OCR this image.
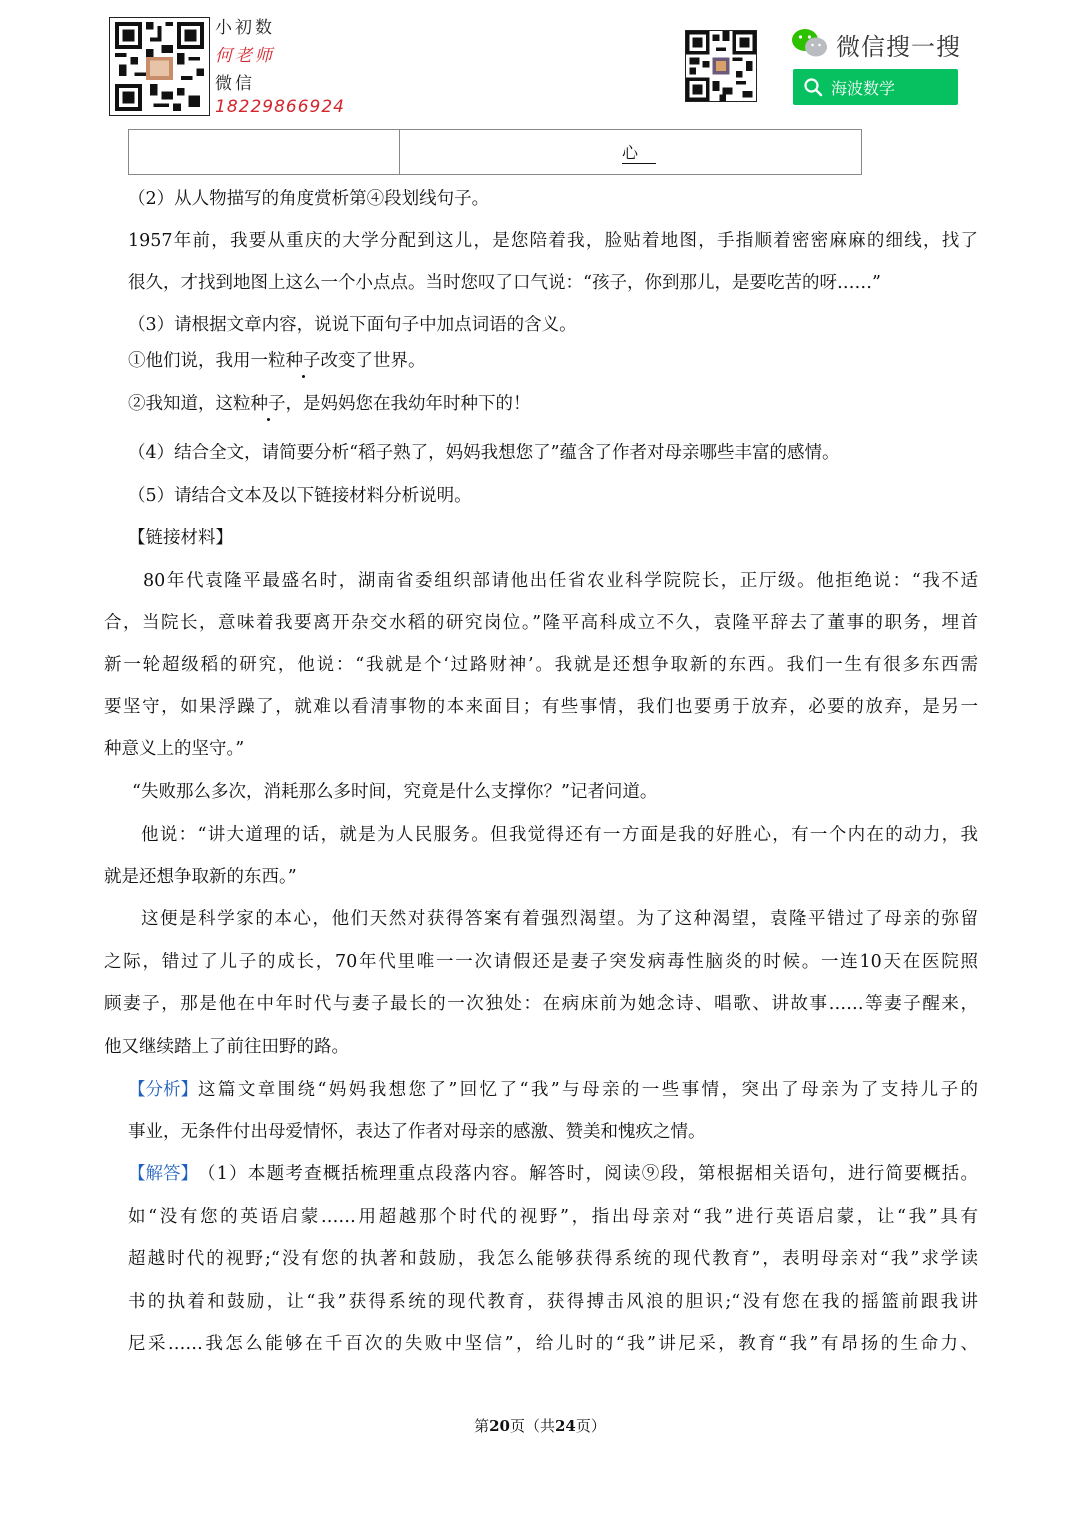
小初数
何老师
微信
18229866924
微信搜一搜
海波数学
心
（2）从人物描写的角度赏析第④段划线句子。
1957年前，我要从重庆的大学分配到这儿，是您陪着我，脸贴着地图，手指顺着密密麻麻的细线，找了
很久，才找到地图上这么一个小点点。当时您叹了口气说：“孩子，你到那儿，是要吃苦的呀……”
（3）请根据文章内容，说说下面句子中加点词语的含义。
①他们说，我用一粒种子改变了世界。
②我知道，这粒种子，是妈妈您在我幼年时种下的！
（4）结合全文，请简要分析“稻子熟了，妈妈我想您了”蕴含了作者对母亲哪些丰富的感情。
（5）请结合文本及以下链接材料分析说明。
【链接材料】
80年代袁隆平最盛名时，湖南省委组织部请他出任省农业科学院院长，正厅级。他拒绝说：“我不适
合，当院长，意味着我要离开杂交水稻的研究岗位。”隆平高科成立不久，袁隆平辞去了董事的职务，埋首
新一轮超级稻的研究，他说：“我就是个‘过路财神’。我就是还想争取新的东西。我们一生有很多东西需
要坚守，如果浮躁了，就难以看清事物的本来面目；有些事情，我们也要勇于放弃，必要的放弃，是另一
种意义上的坚守。”
“失败那么多次，消耗那么多时间，究竟是什么支撑你？”记者问道。
他说：“讲大道理的话，就是为人民服务。但我觉得还有一方面是我的好胜心，有一个内在的动力，我
就是还想争取新的东西。”
这便是科学家的本心，他们天然对获得答案有着强烈渴望。为了这种渴望，袁隆平错过了母亲的弥留
之际，错过了儿子的成长，70年代里唯一一次请假还是妻子突发病毒性脑炎的时候。一连10天在医院照
顾妻子，那是他在中年时代与妻子最长的一次独处：在病床前为她念诗、唱歌、讲故事……等妻子醒来，
他又继续踏上了前往田野的路。
【分析】 这篇文章围绕“妈妈我想您了”回忆了“我”与母亲的一些事情，突出了母亲为了支持儿子的
事业，无条件付出母爱情怀，表达了作者对母亲的感激、赞美和愧疚之情。
【解答】 （1）本题考查概括梳理重点段落内容。解答时，阅读⑨段，第根据相关语句，进行简要概括。
如“没有您的英语启蒙……用超越那个时代的视野”，指出母亲对“我”进行英语启蒙，让“我”具有
超越时代的视野;“没有您的执著和鼓励，我怎么能够获得系统的现代教育”，表明母亲对“我”求学读
书的执着和鼓励，让“我”获得系统的现代教育，获得搏击风浪的胆识;“没有您在我的摇篮前跟我讲
尼采……我怎么能够在千百次的失败中坚信”，给儿时的“我”讲尼采，教育“我”有昂扬的生命力、
第20页（共24页）
